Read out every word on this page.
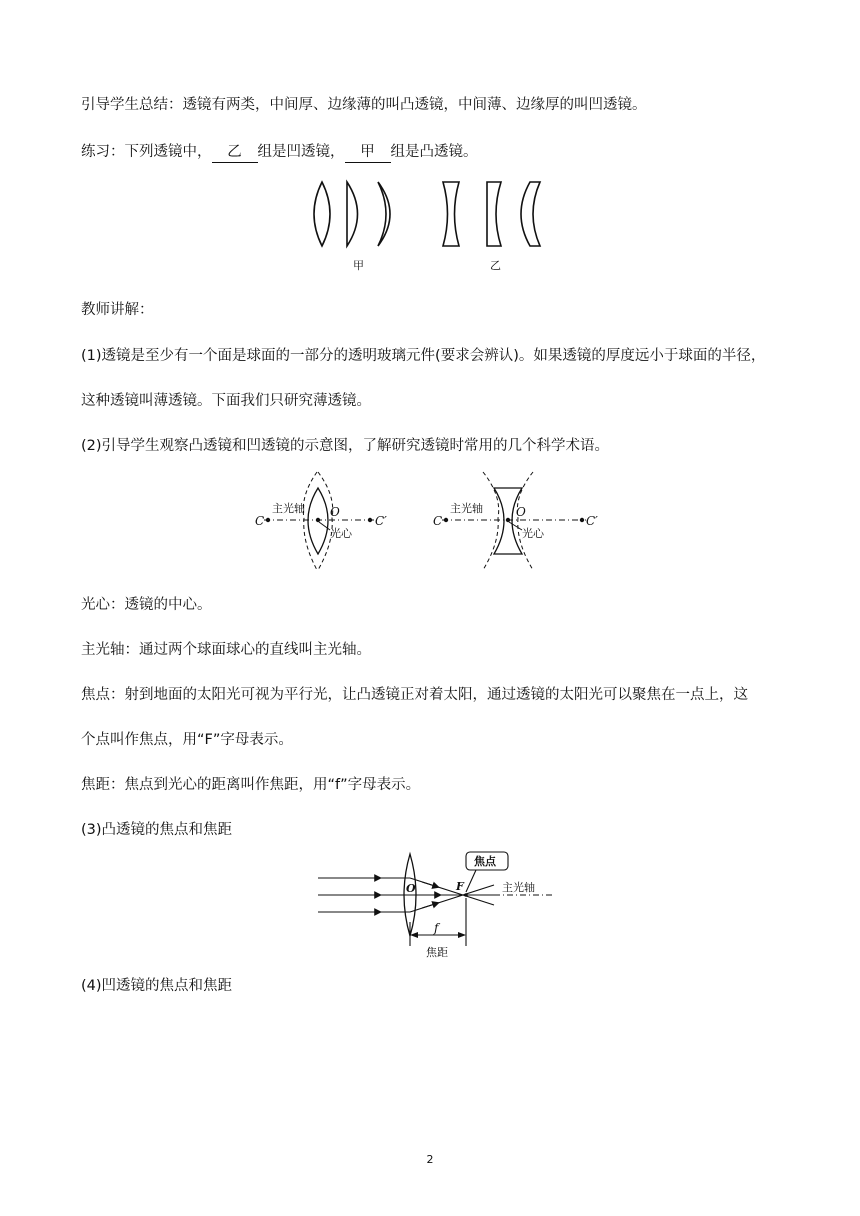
引导学生总结：透镜有两类，中间厚、边缘薄的叫凸透镜，中间薄、边缘厚的叫凹透镜。
练习：下列透镜中， 乙 组是凹透镜， 甲 组是凸透镜。
甲	乙
教师讲解：
(1)透镜是至少有一个面是球面的一部分的透明玻璃元件(要求会辨认)。如果透镜的厚度远小于球面的半径，
这种透镜叫薄透镜。下面我们只研究薄透镜。
(2)引导学生观察凸透镜和凹透镜的示意图，了解研究透镜时常用的几个科学术语。
C
O
C′
主光轴
光心
C
O
C′
主光轴
光心
光心：透镜的中心。
主光轴：通过两个球面球心的直线叫主光轴。
焦点：射到地面的太阳光可视为平行光，让凸透镜正对着太阳，通过透镜的太阳光可以聚焦在一点上，这
个点叫作焦点，用“F”字母表示。
焦距：焦点到光心的距离叫作焦距，用“f”字母表示。
(3)凸透镜的焦点和焦距
O	F
焦点
主光轴
f
焦距
(4)凹透镜的焦点和焦距
2
